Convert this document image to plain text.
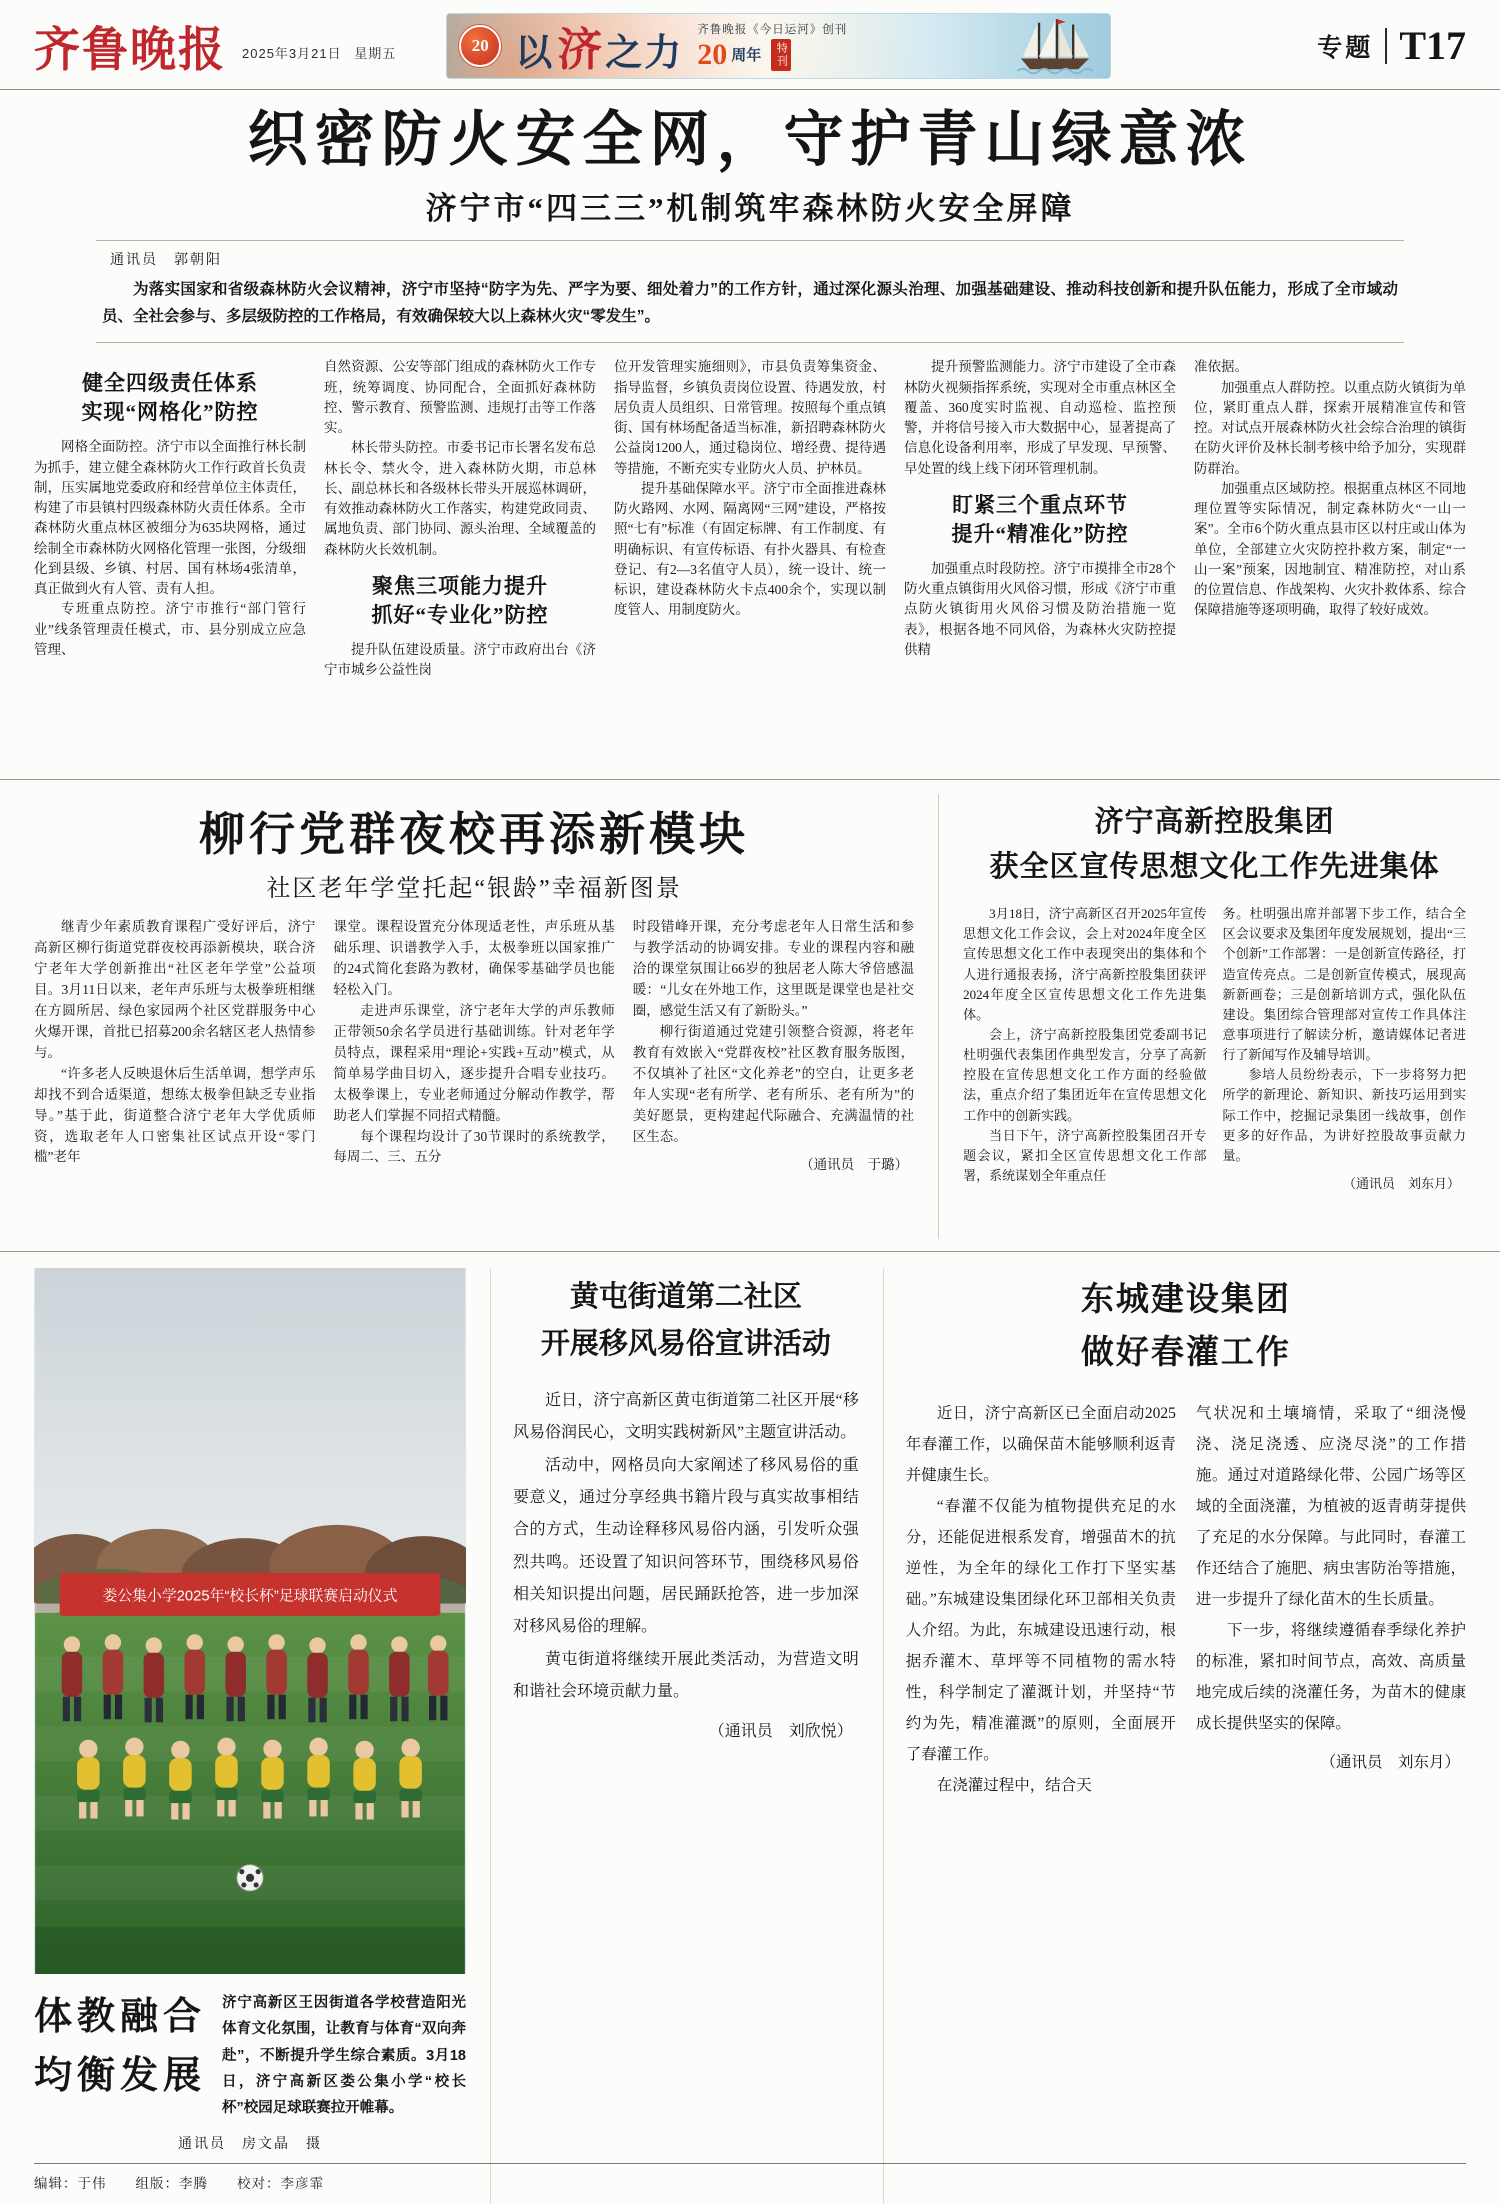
齐鲁晚报 2025年3月21日 星期五	20 以 济 之力
齐鲁晚报《今日运河》创刊
20 周年	特刊	专题 T17
织密防火安全网，守护青山绿意浓
济宁市“四三三”机制筑牢森林防火安全屏障
通讯员　郭朝阳

为落实国家和省级森林防火会议精神，济宁市坚持“防字为先、严字为要、细处着力”的工作方针，通过深化源头治理、加强基础建设、推动科技创新和提升队伍能力，形成了全市域动员、全社会参与、多层级防控的工作格局，有效确保较大以上森林火灾“零发生”。

健全四级责任体系
实现“网格化”防控

网格全面防控。济宁市以全面推行林长制为抓手，建立健全森林防火工作行政首长负责制，压实属地党委政府和经营单位主体责任，构建了市县镇村四级森林防火责任体系。全市森林防火重点林区被细分为635块网格，通过绘制全市森林防火网格化管理一张图，分级细化到县级、乡镇、村居、国有林场4张清单，真正做到火有人管、责有人担。

专班重点防控。济宁市推行“部门管行业”线条管理责任模式，市、县分别成立应急管理、

自然资源、公安等部门组成的森林防火工作专班，统筹调度、协同配合，全面抓好森林防控、警示教育、预警监测、违规打击等工作落实。

林长带头防控。市委书记市长署名发布总林长令、禁火令，进入森林防火期，市总林长、副总林长和各级林长带头开展巡林调研，有效推动森林防火工作落实，构建党政同责、属地负责、部门协同、源头治理、全域覆盖的森林防火长效机制。

聚焦三项能力提升
抓好“专业化”防控

提升队伍建设质量。济宁市政府出台《济宁市城乡公益性岗

位开发管理实施细则》，市县负责筹集资金、指导监督，乡镇负责岗位设置、待遇发放，村居负责人员组织、日常管理。按照每个重点镇街、国有林场配备适当标准，新招聘森林防火公益岗1200人，通过稳岗位、增经费、提待遇等措施，不断充实专业防火人员、护林员。

提升基础保障水平。济宁市全面推进森林防火路网、水网、隔离网“三网”建设，严格按照“七有”标准（有固定标牌、有工作制度、有明确标识、有宣传标语、有扑火器具、有检查登记、有2—3名值守人员），统一设计、统一标识，建设森林防火卡点400余个，实现以制度管人、用制度防火。

提升预警监测能力。济宁市建设了全市森林防火视频指挥系统，实现对全市重点林区全覆盖、360度实时监视、自动巡检、监控预警，并将信号接入市大数据中心，显著提高了信息化设备利用率，形成了早发现、早预警、早处置的线上线下闭环管理机制。

盯紧三个重点环节
提升“精准化”防控

加强重点时段防控。济宁市摸排全市28个防火重点镇街用火风俗习惯，形成《济宁市重点防火镇街用火风俗习惯及防治措施一览表》，根据各地不同风俗，为森林火灾防控提供精

准依据。

加强重点人群防控。以重点防火镇街为单位，紧盯重点人群，探索开展精准宣传和管控。对试点开展森林防火社会综合治理的镇街在防火评价及林长制考核中给予加分，实现群防群治。

加强重点区域防控。根据重点林区不同地理位置等实际情况，制定森林防火“一山一案”。全市6个防火重点县市区以村庄或山体为单位，全部建立火灾防控扑救方案，制定“一山一案”预案，因地制宜、精准防控，对山系的位置信息、作战架构、火灾扑救体系、综合保障措施等逐项明确，取得了较好成效。

柳行党群夜校再添新模块
社区老年学堂托起“银龄”幸福新图景

继青少年素质教育课程广受好评后，济宁高新区柳行街道党群夜校再添新模块，联合济宁老年大学创新推出“社区老年学堂”公益项目。3月11日以来，老年声乐班与太极拳班相继在方圆所居、绿色家园两个社区党群服务中心火爆开课，首批已招募200余名辖区老人热情参与。

“许多老人反映退休后生活单调，想学声乐却找不到合适渠道，想练太极拳但缺乏专业指导。”基于此，街道整合济宁老年大学优质师资，选取老年人口密集社区试点开设“零门槛”老年

课堂。课程设置充分体现适老性，声乐班从基础乐理、识谱教学入手，太极拳班以国家推广的24式简化套路为教材，确保零基础学员也能轻松入门。

走进声乐课堂，济宁老年大学的声乐教师正带领50余名学员进行基础训练。针对老年学员特点，课程采用“理论+实践+互动”模式，从简单易学曲目切入，逐步提升合唱专业技巧。太极拳课上，专业老师通过分解动作教学，帮助老人们掌握不同招式精髓。

每个课程均设计了30节课时的系统教学，每周二、三、五分

时段错峰开课，充分考虑老年人日常生活和参与教学活动的协调安排。专业的课程内容和融洽的课堂氛围让66岁的独居老人陈大爷倍感温暖：“儿女在外地工作，这里既是课堂也是社交圈，感觉生活又有了新盼头。”

柳行街道通过党建引领整合资源，将老年教育有效嵌入“党群夜校”社区教育服务版图，不仅填补了社区“文化养老”的空白，让更多老年人实现“老有所学、老有所乐、老有所为”的美好愿景，更构建起代际融合、充满温情的社区生态。

（通讯员　于璐）

济宁高新控股集团
获全区宣传思想文化工作先进集体

3月18日，济宁高新区召开2025年宣传思想文化工作会议，会上对2024年度全区宣传思想文化工作中表现突出的集体和个人进行通报表扬，济宁高新控股集团获评2024年度全区宣传思想文化工作先进集体。

会上，济宁高新控股集团党委副书记杜明强代表集团作典型发言，分享了高新控股在宣传思想文化工作方面的经验做法，重点介绍了集团近年在宣传思想文化工作中的创新实践。

当日下午，济宁高新控股集团召开专题会议，紧扣全区宣传思想文化工作部署，系统谋划全年重点任

务。杜明强出席并部署下步工作，结合全区会议要求及集团年度发展规划，提出“三个创新”工作部署：一是创新宣传路径，打造宣传亮点。二是创新宣传模式，展现高新新画卷；三是创新培训方式，强化队伍建设。集团综合管理部对宣传工作具体注意事项进行了解读分析，邀请媒体记者进行了新闻写作及辅导培训。

参培人员纷纷表示，下一步将努力把所学的新理论、新知识、新技巧运用到实际工作中，挖掘记录集团一线故事，创作更多的好作品，为讲好控股故事贡献力量。

（通讯员　刘东月）

娄公集小学2025年“校长杯”足球联赛启动仪式
体教融合
均衡发展
济宁高新区王因街道各学校营造阳光体育文化氛围，让教育与体育“双向奔赴”，不断提升学生综合素质。3月18日，济宁高新区娄公集小学“校长杯”校园足球联赛拉开帷幕。
通讯员　房文晶　摄
黄屯街道第二社区
开展移风易俗宣讲活动

近日，济宁高新区黄屯街道第二社区开展“移风易俗润民心，文明实践树新风”主题宣讲活动。

活动中，网格员向大家阐述了移风易俗的重要意义，通过分享经典书籍片段与真实故事相结合的方式，生动诠释移风易俗内涵，引发听众强烈共鸣。还设置了知识问答环节，围绕移风易俗相关知识提出问题，居民踊跃抢答，进一步加深对移风易俗的理解。

黄屯街道将继续开展此类活动，为营造文明和谐社会环境贡献力量。

（通讯员　刘欣悦）

东城建设集团
做好春灌工作

近日，济宁高新区已全面启动2025年春灌工作，以确保苗木能够顺利返青并健康生长。

“春灌不仅能为植物提供充足的水分，还能促进根系发育，增强苗木的抗逆性，为全年的绿化工作打下坚实基础。”东城建设集团绿化环卫部相关负责人介绍。为此，东城建设迅速行动，根据乔灌木、草坪等不同植物的需水特性，科学制定了灌溉计划，并坚持“节约为先，精准灌溉”的原则，全面展开了春灌工作。

在浇灌过程中，结合天

气状况和土壤墒情，采取了“细浇慢浇、浇足浇透、应浇尽浇”的工作措施。通过对道路绿化带、公园广场等区域的全面浇灌，为植被的返青萌芽提供了充足的水分保障。与此同时，春灌工作还结合了施肥、病虫害防治等措施，进一步提升了绿化苗木的生长质量。

下一步，将继续遵循春季绿化养护的标准，紧扣时间节点，高效、高质量地完成后续的浇灌任务，为苗木的健康成长提供坚实的保障。

（通讯员　刘东月）

编辑：于伟　　组版：李腾　　校对：李彦霏
